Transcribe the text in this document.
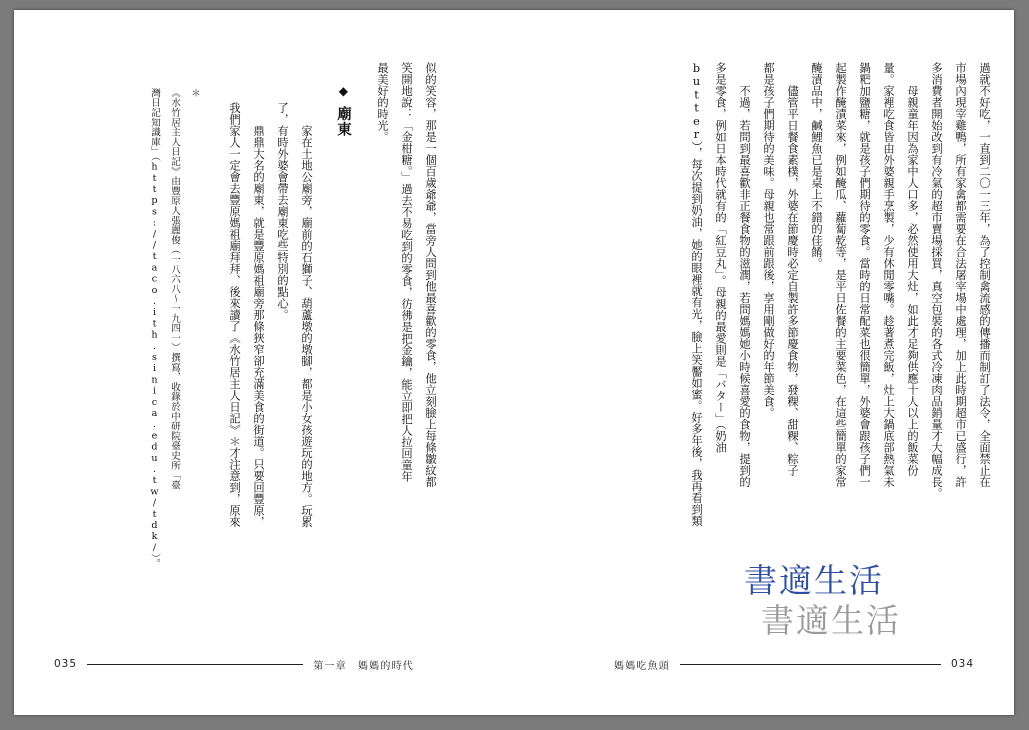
過就不好吃，一直到二〇一三年，為了控制禽流感的傳播而制訂了法令，全面禁止在
市場內現宰雞鴨，所有家禽都需要在合法屠宰場中處理，加上此時期超市已盛行，許
多消費者開始改到有冷氣的超市賣場採買，真空包裝的各式冷凍肉品銷量才大幅成長。
　　母親童年因為家中人口多，必然使用大灶，如此才足夠供應十人以上的飯菜份
量。家裡吃食皆由外婆親手烹製，少有休閒零嘴。趁著煮完飯，灶上大鍋底部熱氣未
鍋粑加鹽糖，就是孩子們期待的零食。當時的日常配菜也很簡單，外婆會跟孩子們一
起製作醃漬菜來，例如醃瓜、蘿蔔乾等，是平日佐餐的主要菜色，在這些簡單的家常
醃漬品中，鹹鯉魚已是桌上不錯的佳餚。
　　儘管平日餐食素樸，外婆在節慶時必定自製許多節慶食物，發粿、甜粿、粽子
都是孩子們期待的美味。母親也常跟前跟後，享用剛做好的年節美食。
　　不過，若問到最喜歡非正餐食物的滋潤，若問媽媽她小時候喜愛的食物，提到的
多是零食，例如日本時代就有的「紅豆丸」。母親的最愛則是「バター」（奶油
butter），每次提到奶油，她的眼裡就有光，臉上笑靨如蜜。好多年後，我再看到類
書適生活
書適生活
媽媽吃魚頭	034
似的笑容，那是一個百歲爺爺，當旁人問到他最喜歡的零食，他立刻臉上每條皺紋都
笑開地說：「金柑糖。」過去不易吃到的零食，彷彿是把金鑰，能立即把人拉回童年
最美好的時光。
◆
廟東
　　家在土地公廟旁，廟前的石獅子、葫蘆墩的墩腳，都是小女孩遊玩的地方。玩累
了，有時外婆會帶去廟東吃些特別的點心。
　　鼎鼎大名的廟東，就是豐原媽祖廟旁那條狹窄卻充滿美食的街道。只要回豐原，
我們家人一定會去豐原媽祖廟拜拜、後來讀了《水竹居主人日記》＊才注意到，原來
＊
《水竹居主人日記》由豐原人張麗俊（一八六八～一九四一）撰寫，收錄於中研院臺史所「臺
灣日記知識庫」（https://taco.ith.sinica.edu.tw/tdk/）。
035	第一章　媽媽的時代
